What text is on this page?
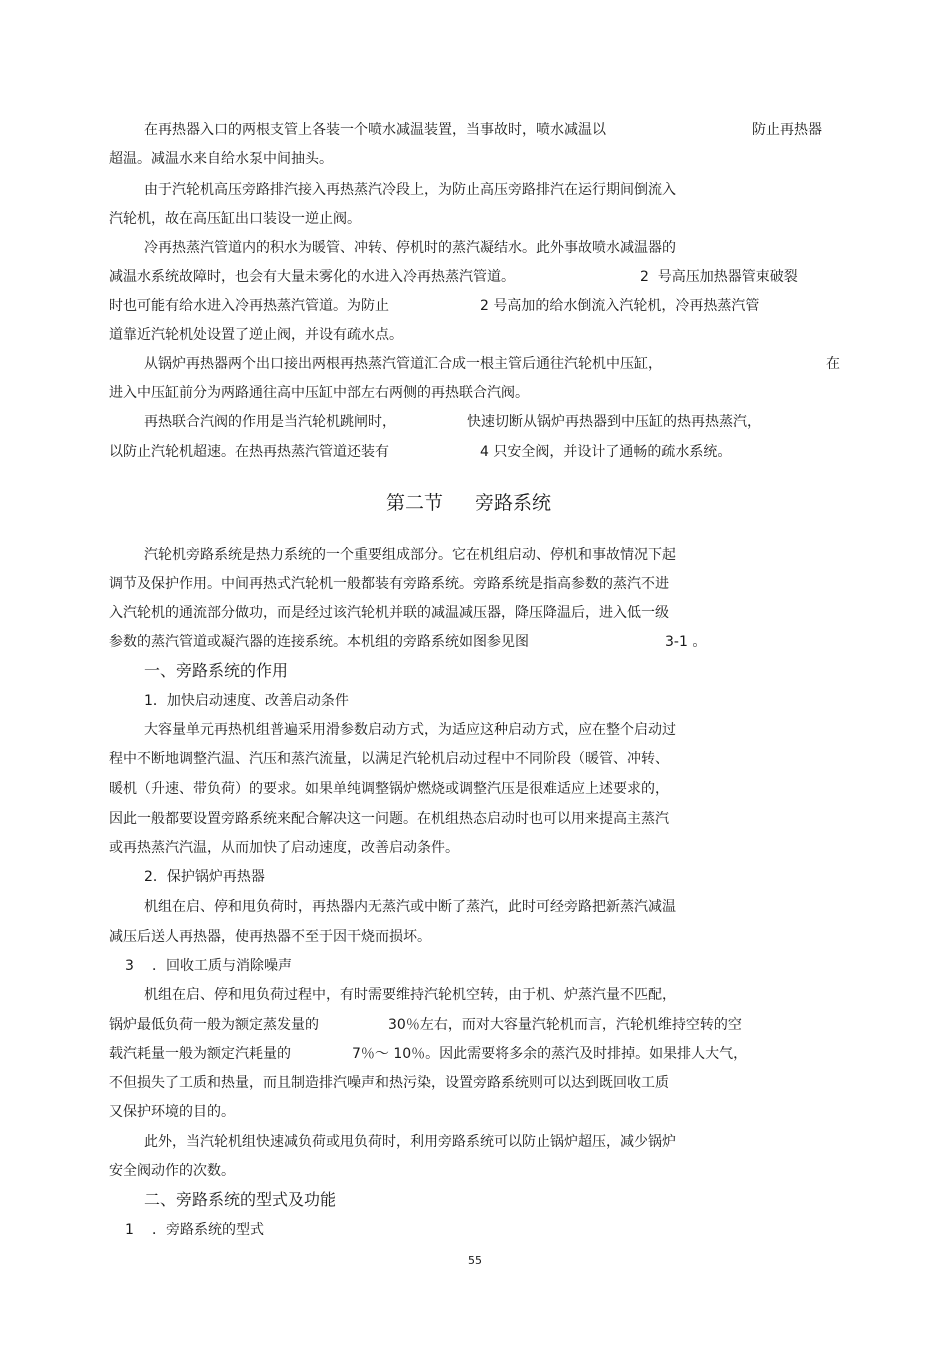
在再热器入口的两根支管上各装一个喷水减温装置，当事故时，喷水减温以	防止再热器
超温。减温水来自给水泵中间抽头。
由于汽轮机高压旁路排汽接入再热蒸汽冷段上，为防止高压旁路排汽在运行期间倒流入
汽轮机，故在高压缸出口装设一逆止阀。
冷再热蒸汽管道内的积水为暖管、冲转、停机时的蒸汽凝结水。此外事故喷水减温器的
减温水系统故障时，也会有大量未雾化的水进入冷再热蒸汽管道。	2  号高压加热器管束破裂
时也可能有给水进入冷再热蒸汽管道。为防止	2 号高加的给水倒流入汽轮机，冷再热蒸汽管
道靠近汽轮机处设置了逆止阀，并设有疏水点。
从锅炉再热器两个出口接出两根再热蒸汽管道汇合成一根主管后通往汽轮机中压缸，	在
进入中压缸前分为两路通往高中压缸中部左右两侧的再热联合汽阀。
再热联合汽阀的作用是当汽轮机跳闸时，	快速切断从锅炉再热器到中压缸的热再热蒸汽，
以防止汽轮机超速。在热再热蒸汽管道还装有	4 只安全阀，并设计了通畅的疏水系统。
第二节 旁路系统
汽轮机旁路系统是热力系统的一个重要组成部分。它在机组启动、停机和事故情况下起
调节及保护作用。中间再热式汽轮机一般都装有旁路系统。旁路系统是指高参数的蒸汽不进
入汽轮机的通流部分做功，而是经过该汽轮机并联的减温减压器，降压降温后，进入低一级
参数的蒸汽管道或凝汽器的连接系统。本机组的旁路系统如图参见图	3-1 。
一、旁路系统的作用
1．加快启动速度、改善启动条件
大容量单元再热机组普遍采用滑参数启动方式，为适应这种启动方式，应在整个启动过
程中不断地调整汽温、汽压和蒸汽流量，以满足汽轮机启动过程中不同阶段（暖管、冲转、
暖机（升速、带负荷）的要求。如果单纯调整锅炉燃烧或调整汽压是很难适应上述要求的，
因此一般都要设置旁路系统来配合解决这一问题。在机组热态启动时也可以用来提高主蒸汽
或再热蒸汽汽温，从而加快了启动速度，改善启动条件。
2．保护锅炉再热器
机组在启、停和甩负荷时，再热器内无蒸汽或中断了蒸汽，此时可经旁路把新蒸汽减温
减压后送人再热器，使再热器不至于因干烧而损坏。
3 ．回收工质与消除噪声
机组在启、停和甩负荷过程中，有时需要维持汽轮机空转，由于机、炉蒸汽量不匹配，
锅炉最低负荷一般为额定蒸发量的	30％左右，而对大容量汽轮机而言，汽轮机维持空转的空
载汽耗量一般为额定汽耗量的	7％～ 10％。因此需要将多余的蒸汽及时排掉。如果排人大气，
不但损失了工质和热量，而且制造排汽噪声和热污染，设置旁路系统则可以达到既回收工质
又保护环境的目的。
此外，当汽轮机组快速减负荷或甩负荷时，利用旁路系统可以防止锅炉超压，减少锅炉
安全阀动作的次数。
二、旁路系统的型式及功能
1 ．旁路系统的型式
55
